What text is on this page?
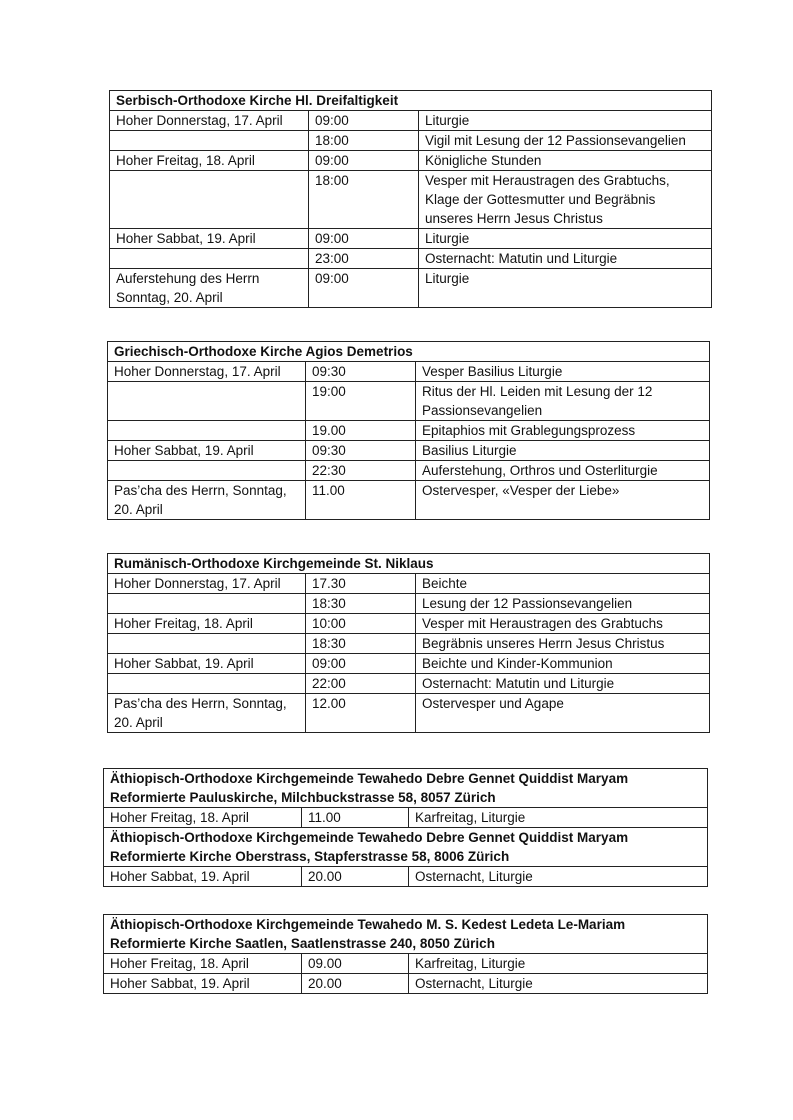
Serbisch-Orthodoxe Kirche Hl. Dreifaltigkeit		
Hoher Donnerstag, 17. April	09:00	Liturgie
	18:00	Vigil mit Lesung der 12 Passionsevangelien
Hoher Freitag, 18. April	09:00	Königliche Stunden
	18:00	Vesper mit Heraustragen des Grabtuchs, Klage der Gottesmutter und Begräbnis unseres Herrn Jesus Christus
Hoher Sabbat, 19. April	09:00	Liturgie
	23:00	Osternacht: Matutin und Liturgie
Auferstehung des Herrn Sonntag, 20. April	09:00	Liturgie
Griechisch-Orthodoxe Kirche Agios Demetrios		
Hoher Donnerstag, 17. April	09:30	Vesper Basilius Liturgie
	19:00	Ritus der Hl. Leiden mit Lesung der 12 Passionsevangelien
	19.00	Epitaphios mit Grablegungsprozess
Hoher Sabbat, 19. April	09:30	Basilius Liturgie
	22:30	Auferstehung, Orthros und Osterliturgie
Pas’cha des Herrn, Sonntag, 20. April	11.00	Ostervesper, «Vesper der Liebe»
Rumänisch-Orthodoxe Kirchgemeinde St. Niklaus		
Hoher Donnerstag, 17. April	17.30	Beichte
	18:30	Lesung der 12 Passionsevangelien
Hoher Freitag, 18. April	10:00	Vesper mit Heraustragen des Grabtuchs
	18:30	Begräbnis unseres Herrn Jesus Christus
Hoher Sabbat, 19. April	09:00	Beichte und Kinder-Kommunion
	22:00	Osternacht: Matutin und Liturgie
Pas’cha des Herrn, Sonntag, 20. April	12.00	Ostervesper und Agape
Äthiopisch-Orthodoxe Kirchgemeinde Tewahedo Debre Gennet Quiddist Maryam Reformierte Pauluskirche, Milchbuckstrasse 58, 8057 Zürich		
Hoher Freitag, 18. April	11.00	Karfreitag, Liturgie
Äthiopisch-Orthodoxe Kirchgemeinde Tewahedo Debre Gennet Quiddist Maryam Reformierte Kirche Oberstrass, Stapferstrasse 58, 8006 Zürich		
Hoher Sabbat, 19. April	20.00	Osternacht, Liturgie
Äthiopisch-Orthodoxe Kirchgemeinde Tewahedo M. S. Kedest Ledeta Le-Mariam Reformierte Kirche Saatlen, Saatlenstrasse 240, 8050 Zürich		
Hoher Freitag, 18. April	09.00	Karfreitag, Liturgie
Hoher Sabbat, 19. April	20.00	Osternacht, Liturgie
